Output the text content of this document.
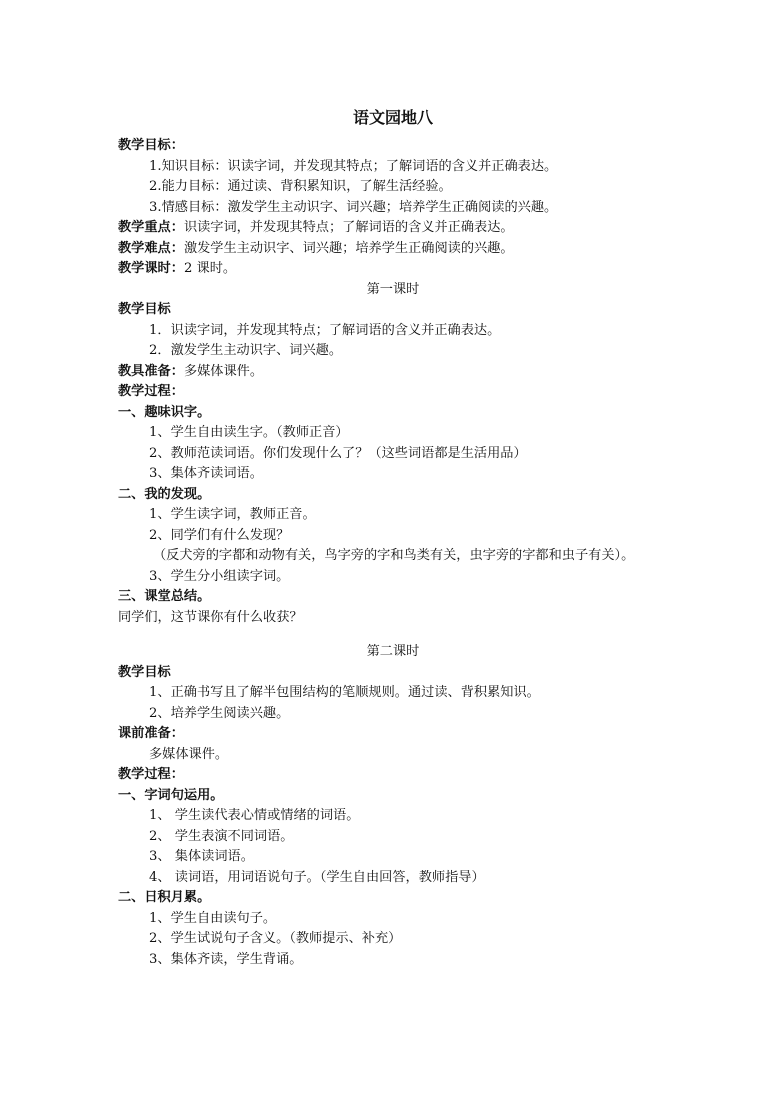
语文园地八
教学目标：
1.知识目标：识读字词，并发现其特点；了解词语的含义并正确表达。
2.能力目标：通过读、背积累知识，了解生活经验。
3.情感目标：激发学生主动识字、词兴趣；培养学生正确阅读的兴趣。
教学重点：识读字词，并发现其特点；了解词语的含义并正确表达。
教学难点：激发学生主动识字、词兴趣；培养学生正确阅读的兴趣。
教学课时：2 课时。
第一课时
教学目标
1．识读字词，并发现其特点；了解词语的含义并正确表达。
2．激发学生主动识字、词兴趣。
教具准备：多媒体课件。
教学过程：
一、趣味识字。
1、学生自由读生字。（教师正音）
2、教师范读词语。你们发现什么了？（这些词语都是生活用品）
3、集体齐读词语。
二、我的发现。
1、学生读字词，教师正音。
2、同学们有什么发现？
（反犬旁的字都和动物有关，鸟字旁的字和鸟类有关，虫字旁的字都和虫子有关）。
3、学生分小组读字词。
三、课堂总结。
同学们，这节课你有什么收获？
第二课时
教学目标
1、正确书写且了解半包围结构的笔顺规则。通过读、背积累知识。
2、培养学生阅读兴趣。
课前准备：
多媒体课件。
教学过程：
一、字词句运用。
1、 学生读代表心情或情绪的词语。
2、 学生表演不同词语。
3、 集体读词语。
4、 读词语，用词语说句子。（学生自由回答，教师指导）
二、日积月累。
1、学生自由读句子。
2、学生试说句子含义。（教师提示、补充）
3、集体齐读，学生背诵。
